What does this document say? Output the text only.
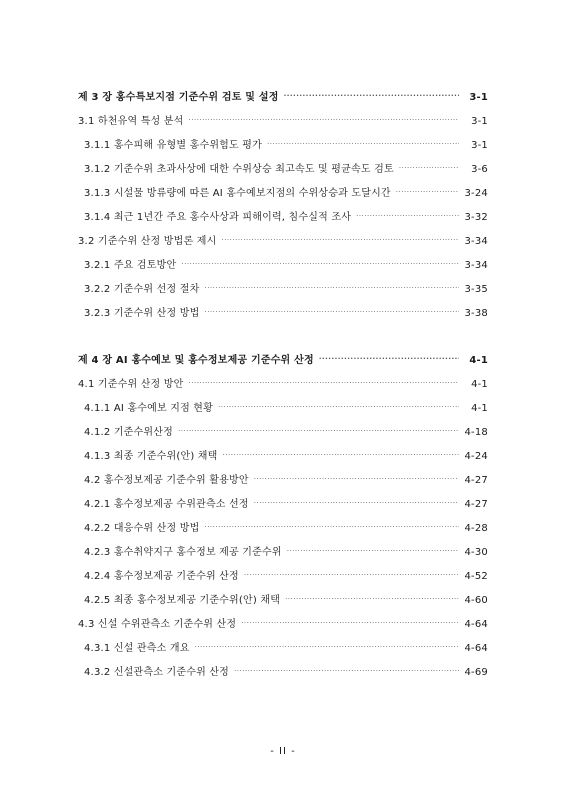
제 3 장 홍수특보지점 기준수위 검토 및 설정 ·····	3-1
3.1 하천유역 특성 분석 ·····	3-1
3.1.1 홍수피해 유형별 홍수위험도 평가 ·····	3-1
3.1.2 기준수위 초과사상에 대한 수위상승 최고속도 및 평균속도 검토 ·····	3-6
3.1.3 시설물 방류량에 따른 AI 홍수예보지점의 수위상승과 도달시간 ·····	3-24
3.1.4 최근 1년간 주요 홍수사상과 피해이력, 침수실적 조사 ·····	3-32
3.2 기준수위 산정 방법론 제시 ·····	3-34
3.2.1 주요 검토방안 ·····	3-34
3.2.2 기준수위 선정 절차 ·····	3-35
3.2.3 기준수위 산정 방법 ·····	3-38
제 4 장 AI 홍수예보 및 홍수정보제공 기준수위 산정 ·····	4-1
4.1 기준수위 산정 방안 ·····	4-1
4.1.1 AI 홍수예보 지점 현황 ·····	4-1
4.1.2 기준수위산정 ·····	4-18
4.1.3 최종 기준수위(안) 채택 ·····	4-24
4.2 홍수정보제공 기준수위 활용방안 ·····	4-27
4.2.1 홍수정보제공 수위관측소 선정 ·····	4-27
4.2.2 대응수위 산정 방법 ·····	4-28
4.2.3 홍수취약지구 홍수정보 제공 기준수위 ·····	4-30
4.2.4 홍수정보제공 기준수위 산정 ·····	4-52
4.2.5 최종 홍수정보제공 기준수위(안) 채택 ·····	4-60
4.3 신설 수위관측소 기준수위 산정 ·····	4-64
4.3.1 신설 관측소 개요 ·····	4-64
4.3.2 신설관측소 기준수위 산정 ·····	4-69
- II -
